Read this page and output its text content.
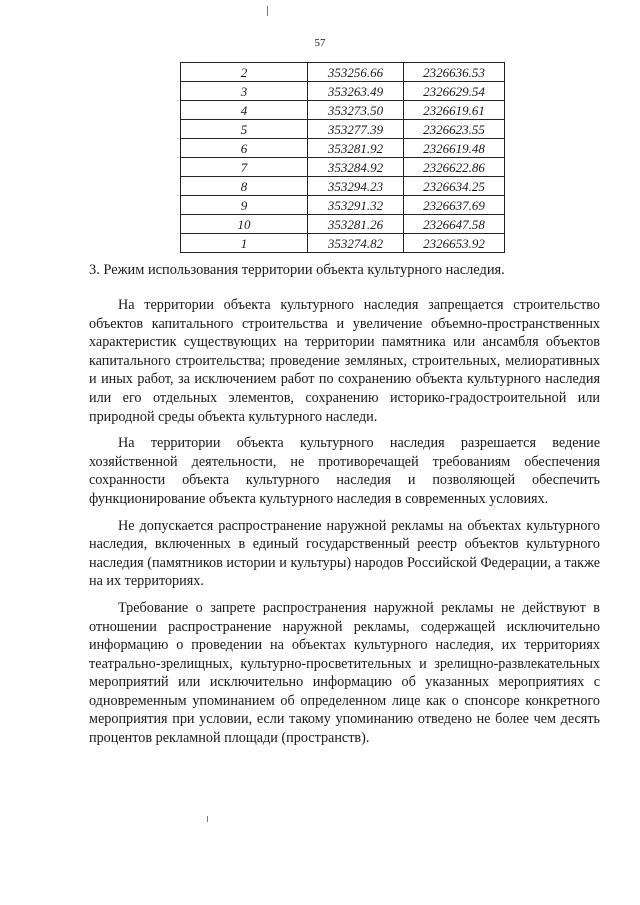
57
2	353256.66	2326636.53
3	353263.49	2326629.54
4	353273.50	2326619.61
5	353277.39	2326623.55
6	353281.92	2326619.48
7	353284.92	2326622.86
8	353294.23	2326634.25
9	353291.32	2326637.69
10	353281.26	2326647.58
1	353274.82	2326653.92
3. Режим использования территории объекта культурного наследия.

На территории объекта культурного наследия запрещается строительство объектов капитального строительства и увеличение объемно-пространственных характеристик существующих на территории памятника или ансамбля объектов капитального строительства; проведение земляных, строительных, мелиоративных и иных работ, за исключением работ по сохранению объекта культурного наследия или его отдельных элементов, сохранению историко-градостроительной или природной среды объекта культурного наследи.

На территории объекта культурного наследия разрешается ведение хозяйственной деятельности, не противоречащей требованиям обеспечения сохранности объекта культурного наследия и позволяющей обеспечить функционирование объекта культурного наследия в современных условиях.

Не допускается распространение наружной рекламы на объектах культурного наследия, включенных в единый государственный реестр объектов культурного наследия (памятников истории и культуры) народов Российской Федерации, а также на их территориях.

Требование о запрете распространения наружной рекламы не действуют в отношении распространение наружной рекламы, содержащей исключительно информацию о проведении на объектах культурного наследия, их территориях театрально-зрелищных, культурно-просветительных и зрелищно-развлекательных мероприятий или исключительно информацию об указанных мероприятиях с одновременным упоминанием об определенном лице как о спонсоре конкретного мероприятия при условии, если такому упоминанию отведено не более чем десять процентов рекламной площади (пространств).
